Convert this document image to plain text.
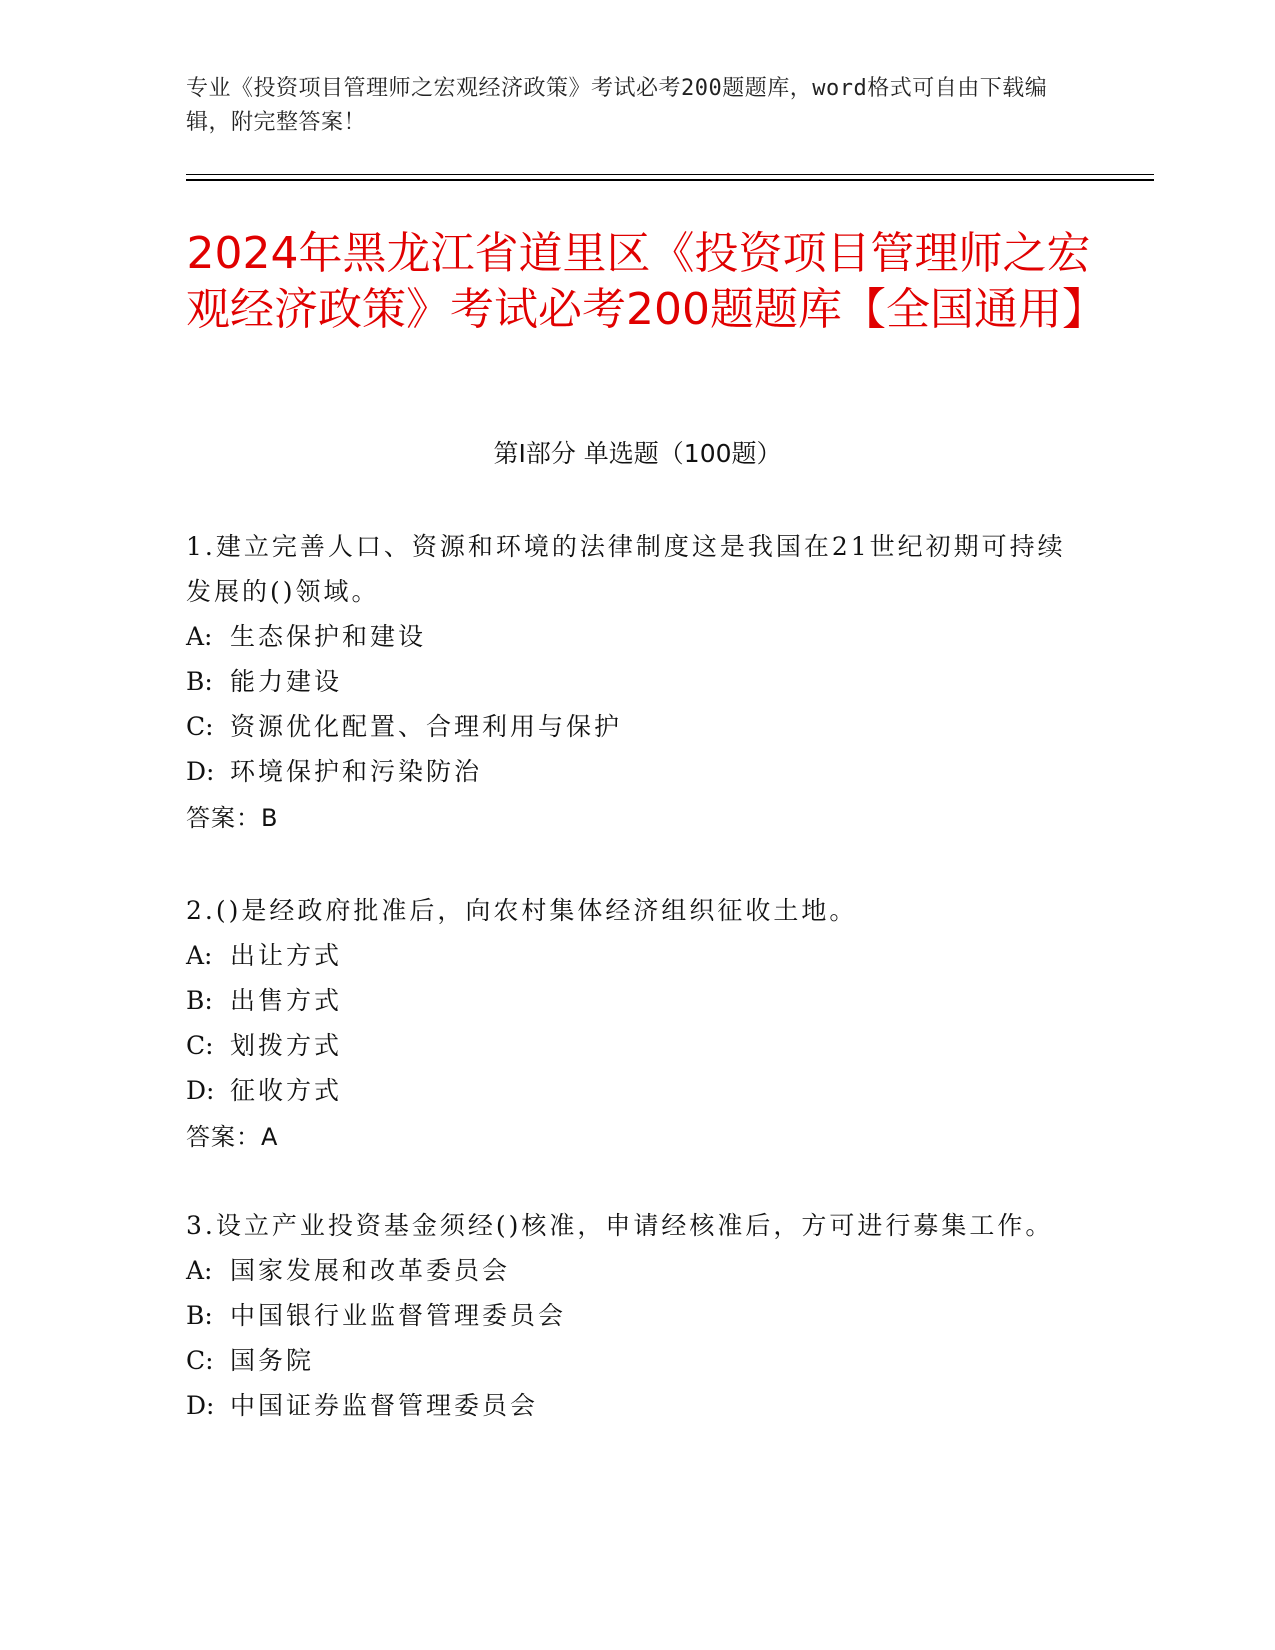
专业《投资项目管理师之宏观经济政策》考试必考200题题库，word格式可自由下载编辑，附完整答案！
2024年黑龙江省道里区《投资项目管理师之宏观经济政策》考试必考200题题库【全国通用】
第I部分 单选题（100题）
1.建立完善人口、资源和环境的法律制度这是我国在21世纪初期可持续发展的()领域。
A: 生态保护和建设
B: 能力建设
C: 资源优化配置、合理利用与保护
D: 环境保护和污染防治
答案：B
2.()是经政府批准后，向农村集体经济组织征收土地。
A: 出让方式
B: 出售方式
C: 划拨方式
D: 征收方式
答案：A
3.设立产业投资基金须经()核准，申请经核准后，方可进行募集工作。
A: 国家发展和改革委员会
B: 中国银行业监督管理委员会
C: 国务院
D: 中国证券监督管理委员会
